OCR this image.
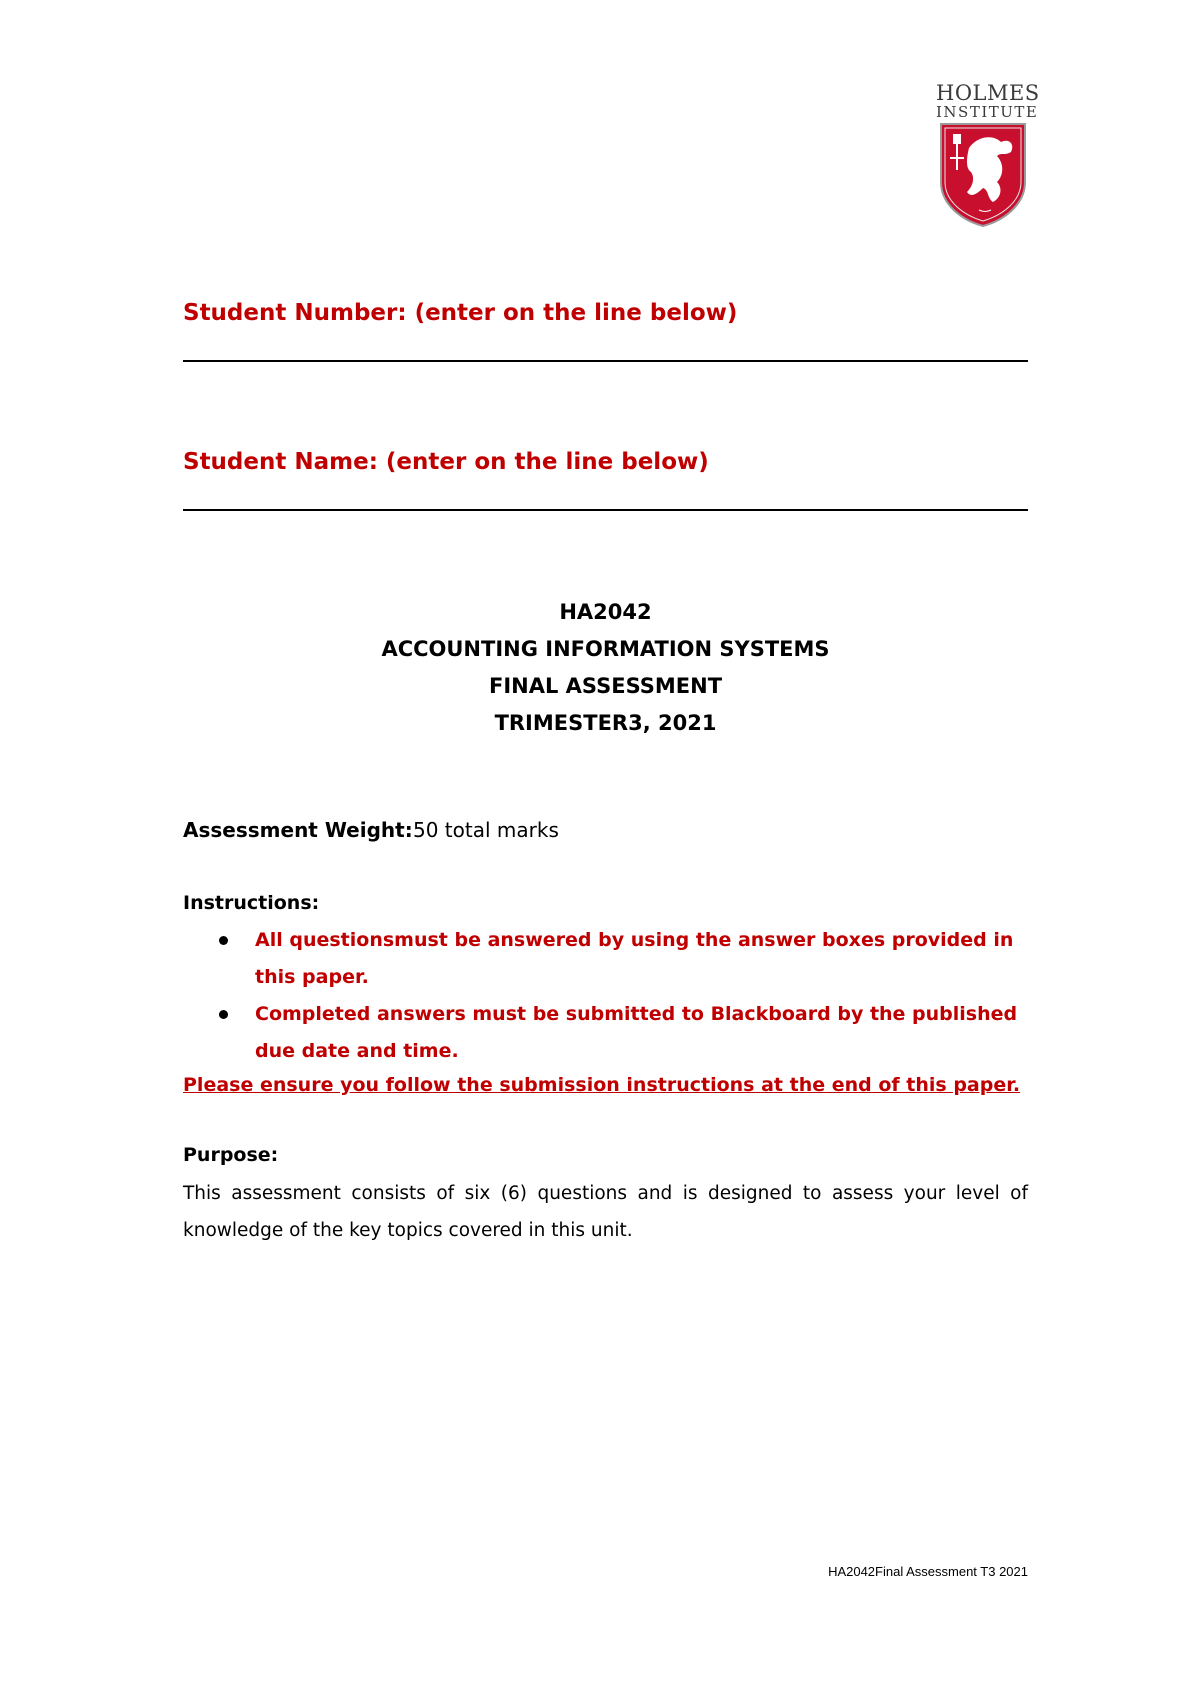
HOLMES
INSTITUTE
Student Number: (enter on the line below)
Student Name: (enter on the line below)
HA2042
ACCOUNTING INFORMATION SYSTEMS
FINAL ASSESSMENT
TRIMESTER3, 2021
Assessment Weight:50 total marks
Instructions:
All questionsmust be answered by using the answer boxes provided in this paper.
Completed answers must be submitted to Blackboard by the published due date and time.
Please ensure you follow the submission instructions at the end of this paper.
Purpose:
This assessment consists of six (6) questions and is designed to assess your level of knowledge of the key topics covered in this unit.
HA2042Final Assessment T3 2021
